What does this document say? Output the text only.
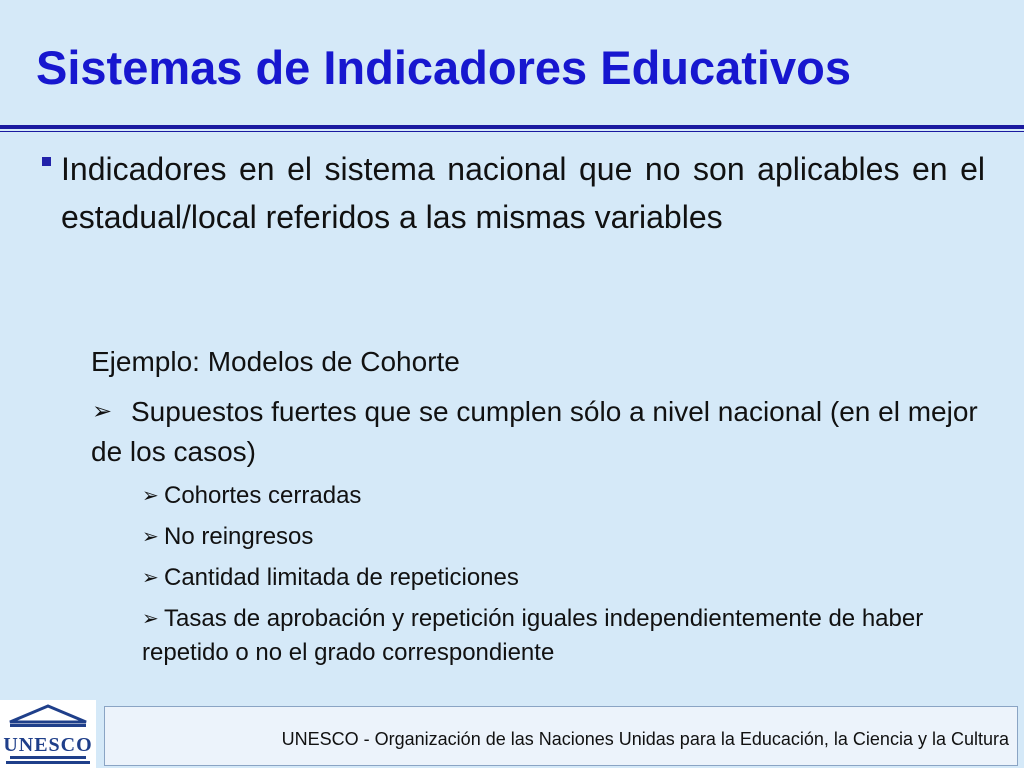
Sistemas de Indicadores Educativos
Indicadores en el sistema nacional que no son aplicables en el estadual/local referidos a las mismas variables
Ejemplo: Modelos de Cohorte
➢ Supuestos fuertes que se cumplen sólo a nivel nacional (en el mejor de los casos)
➢ Cohortes cerradas
➢ No reingresos
➢ Cantidad limitada de repeticiones
➢ Tasas de aprobación y repetición iguales independientemente de haber repetido o no el grado correspondiente
UNESCO	UNESCO - Organización de las Naciones Unidas para la Educación, la Ciencia y la Cultura
